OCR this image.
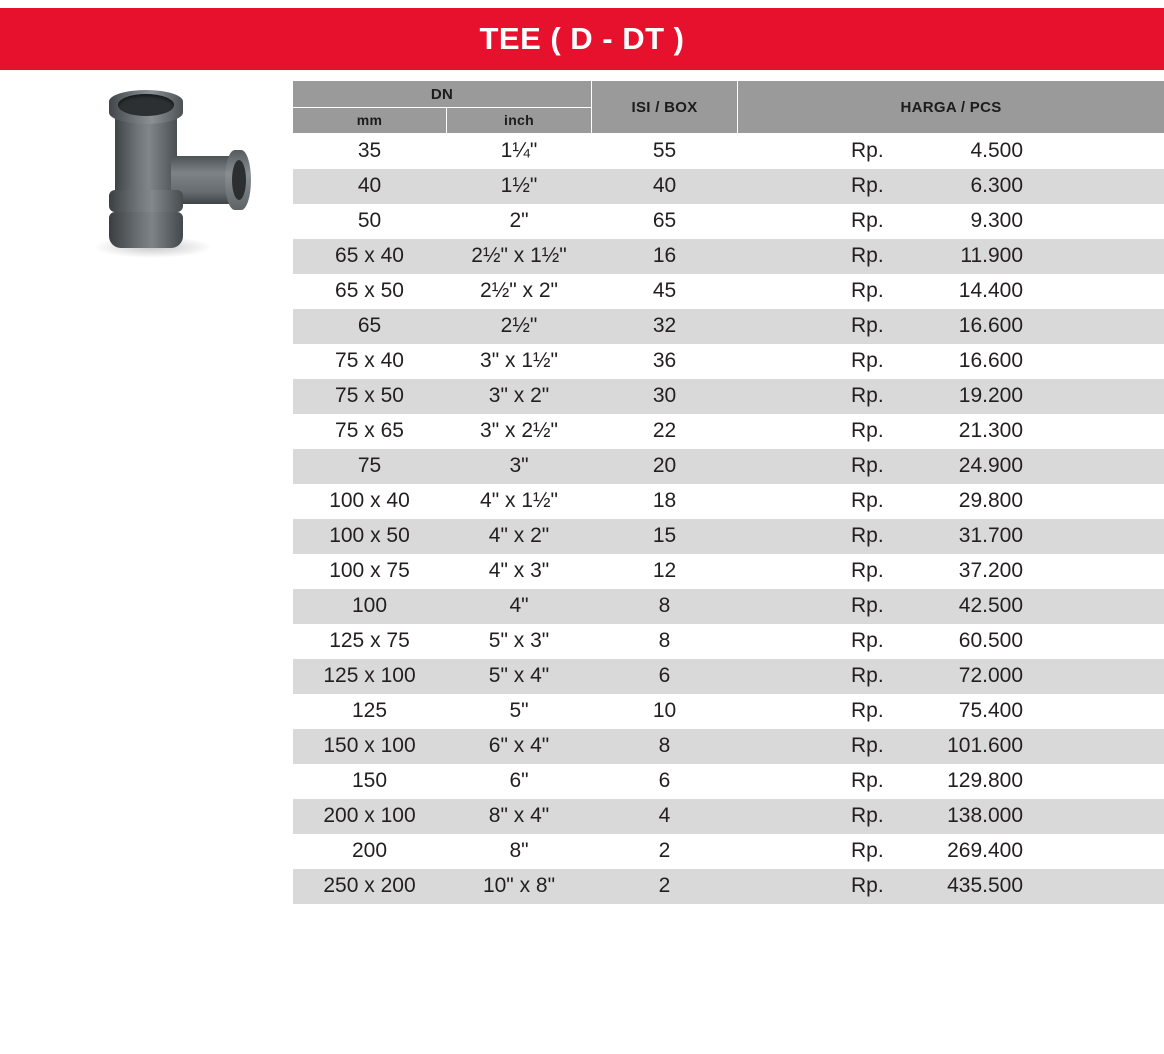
TEE ( D - DT )
DN		ISI / BOX	HARGA / PCS
mm	inch		
35	1¼"	55	Rp. 4.500
40	1½"	40	Rp. 6.300
50	2"	65	Rp. 9.300
65 x 40	2½" x 1½"	16	Rp. 11.900
65 x 50	2½" x 2"	45	Rp. 14.400
65	2½"	32	Rp. 16.600
75 x 40	3" x 1½"	36	Rp. 16.600
75 x 50	3" x 2"	30	Rp. 19.200
75 x 65	3" x 2½"	22	Rp. 21.300
75	3"	20	Rp. 24.900
100 x 40	4" x 1½"	18	Rp. 29.800
100 x 50	4" x 2"	15	Rp. 31.700
100 x 75	4" x 3"	12	Rp. 37.200
100	4"	8	Rp. 42.500
125 x 75	5" x 3"	8	Rp. 60.500
125 x 100	5" x 4"	6	Rp. 72.000
125	5"	10	Rp. 75.400
150 x 100	6" x 4"	8	Rp. 101.600
150	6"	6	Rp. 129.800
200 x 100	8" x 4"	4	Rp. 138.000
200	8"	2	Rp. 269.400
250 x 200	10" x 8"	2	Rp. 435.500
